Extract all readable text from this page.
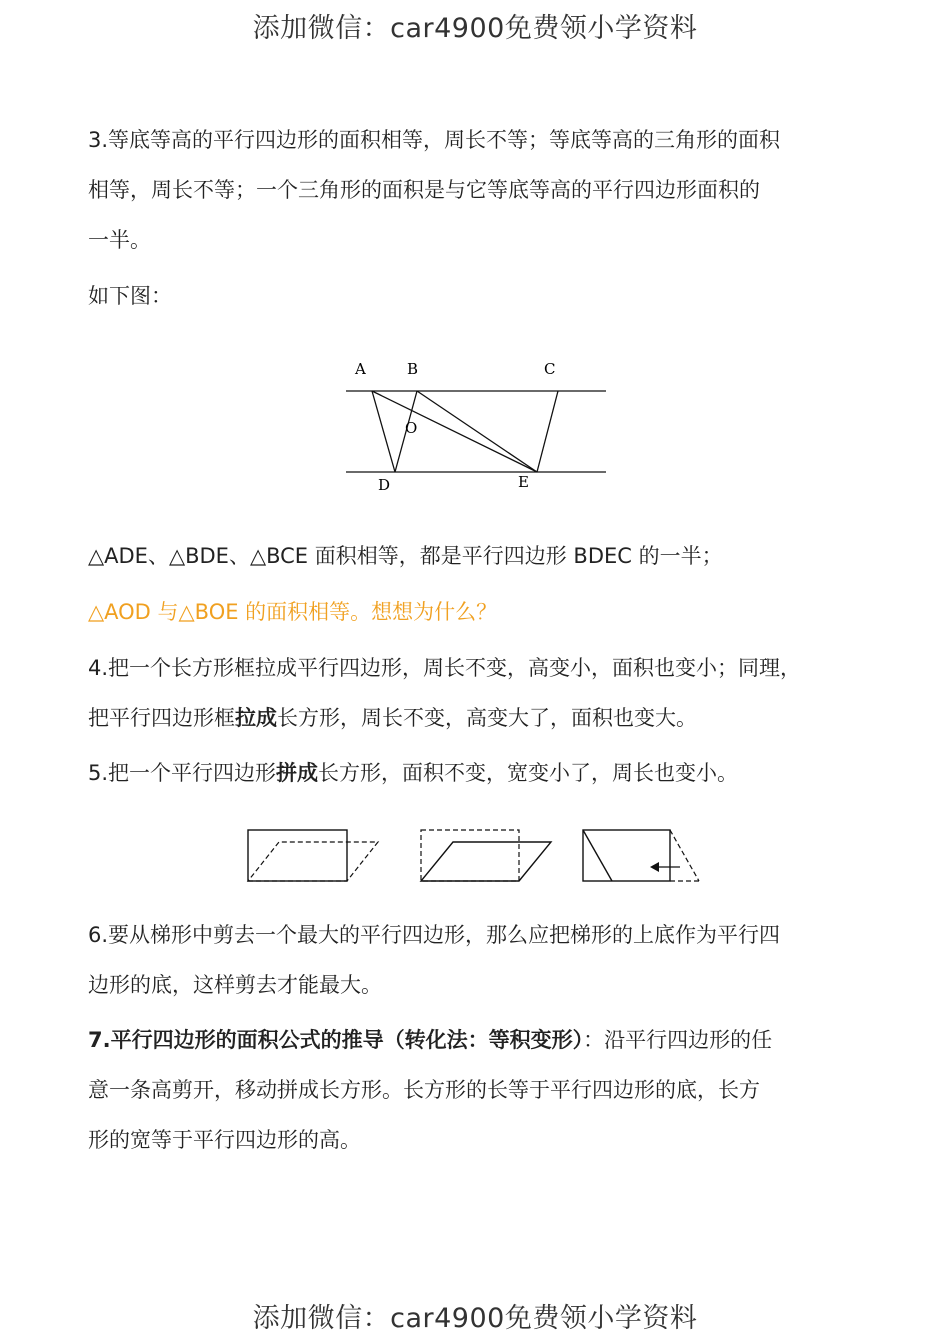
添加微信：car4900免费领小学资料
3.等底等高的平行四边形的面积相等，周长不等；等底等高的三角形的面积
相等，周长不等；一个三角形的面积是与它等底等高的平行四边形面积的
一半。
如下图：
A	B	C
O
D	E
△ADE、△BDE、△BCE 面积相等，都是平行四边形 BDEC 的一半；
△AOD 与△BOE 的面积相等。想想为什么？
4.把一个长方形框拉成平行四边形，周长不变，高变小，面积也变小；同理，
把平行四边形框拉成长方形，周长不变，高变大了，面积也变大。
5.把一个平行四边形拼成长方形，面积不变，宽变小了，周长也变小。
6.要从梯形中剪去一个最大的平行四边形，那么应把梯形的上底作为平行四
边形的底，这样剪去才能最大。
7.平行四边形的面积公式的推导（转化法：等积变形）：沿平行四边形的任
意一条高剪开，移动拼成长方形。长方形的长等于平行四边形的底，长方
形的宽等于平行四边形的高。
添加微信：car4900免费领小学资料
